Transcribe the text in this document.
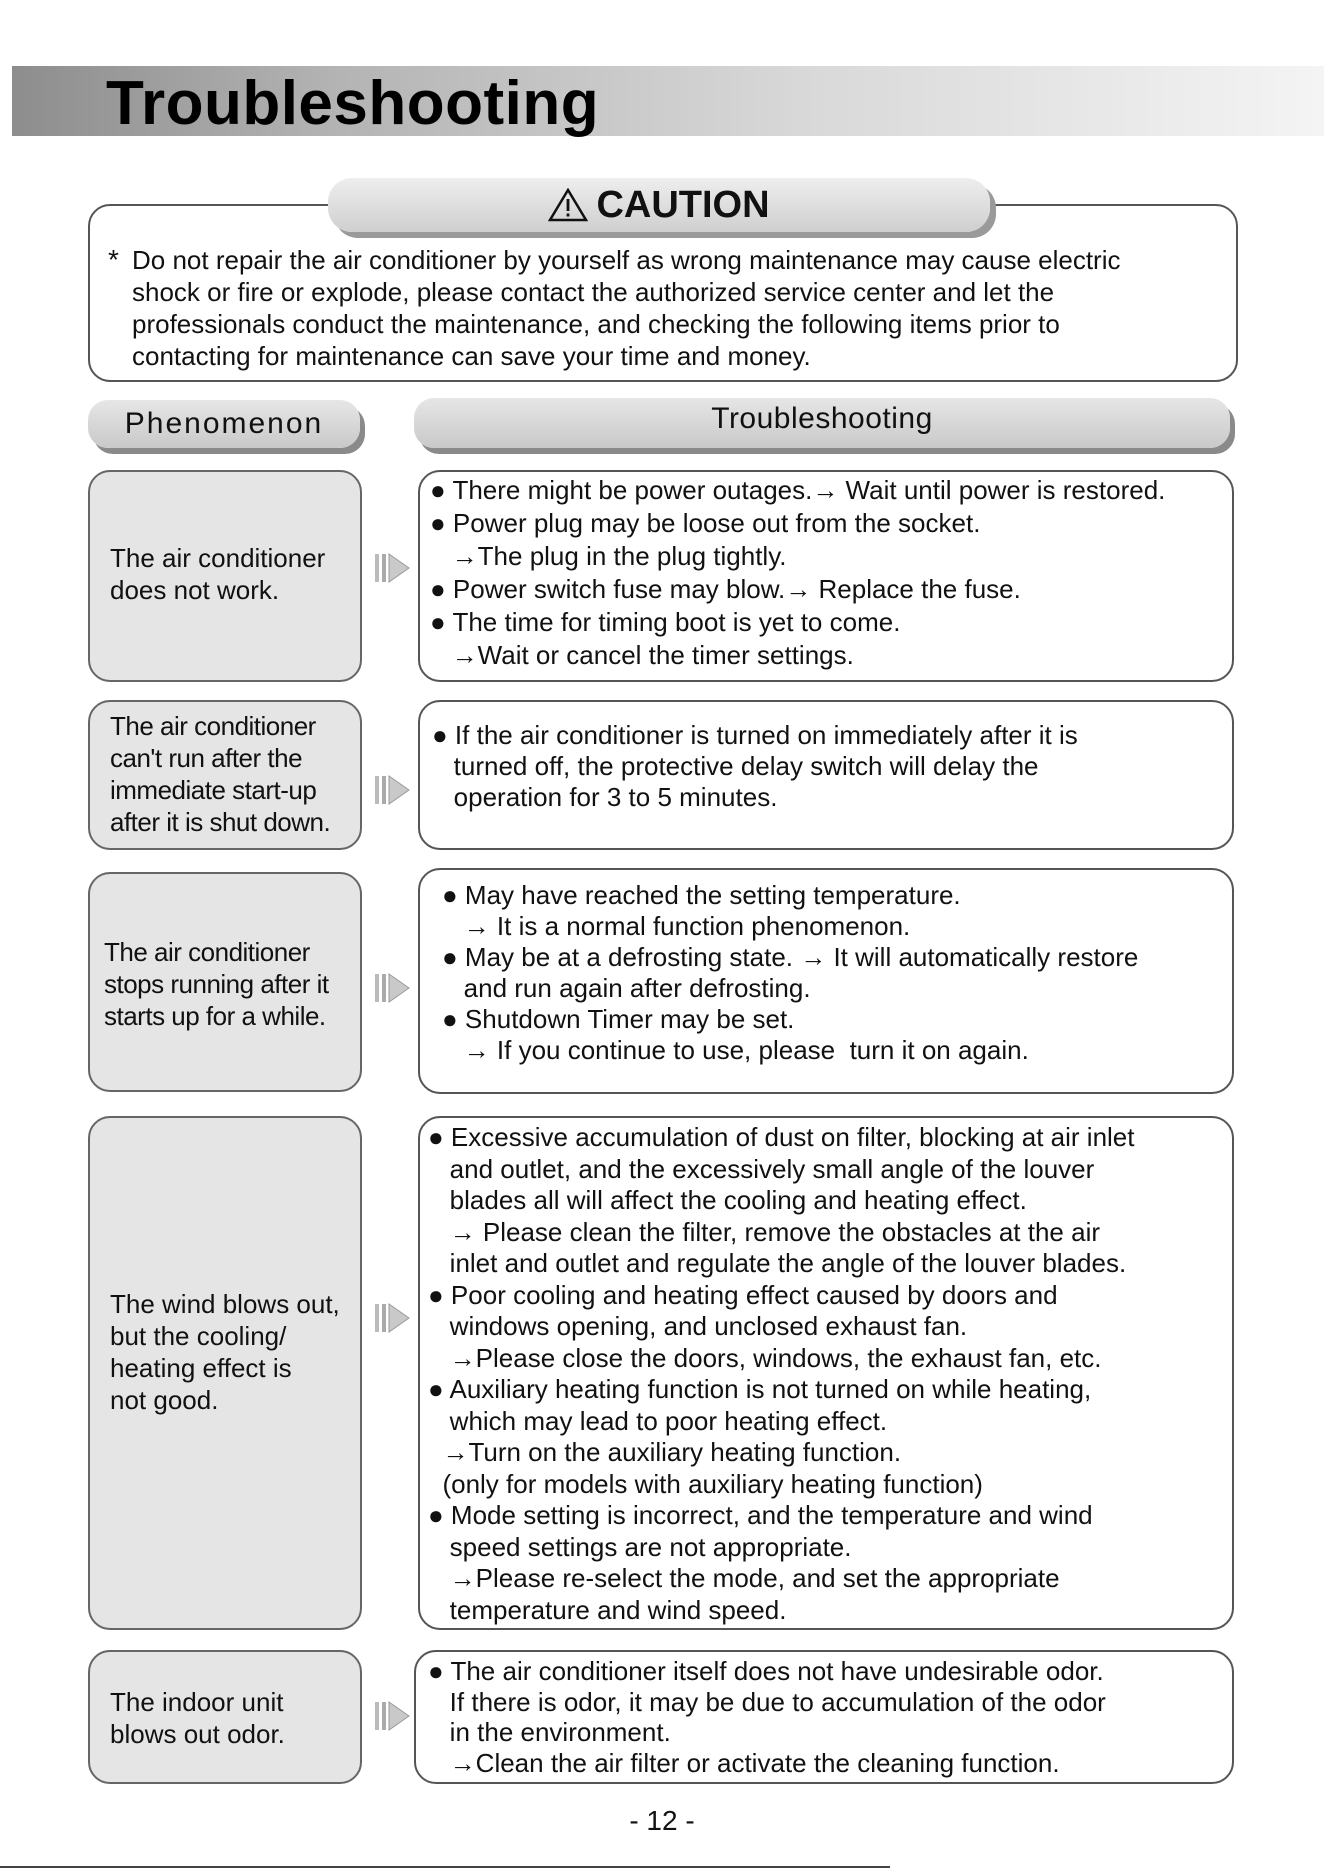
Troubleshooting
CAUTION
* Do not repair the air conditioner by yourself as wrong maintenance may cause electric
shock or fire or explode, please contact the authorized service center and let the
professionals conduct the maintenance, and checking the following items prior to
contacting for maintenance can save your time and money.
Phenomenon	Troubleshooting
The air conditioner
does not work.
● There might be power outages.→ Wait until power is restored.
● Power plug may be loose out from the socket.
→The plug in the plug tightly.
● Power switch fuse may blow.→ Replace the fuse.
● The time for timing boot is yet to come.
→Wait or cancel the timer settings.
The air conditioner
can't run after the
immediate start-up
after it is shut down.
● If the air conditioner is turned on immediately after it is
turned off, the protective delay switch will delay the
operation for 3 to 5 minutes.
The air conditioner
stops running after it
starts up for a while.
● May have reached the setting temperature.
→ It is a normal function phenomenon.
● May be at a defrosting state. → It will automatically restore
and run again after defrosting.
● Shutdown Timer may be set.
→ If you continue to use, please  turn it on again.
The wind blows out,
but the cooling/
heating effect is
not good.
● Excessive accumulation of dust on filter, blocking at air inlet
and outlet, and the excessively small angle of the louver
blades all will affect the cooling and heating effect.
→ Please clean the filter, remove the obstacles at the air
inlet and outlet and regulate the angle of the louver blades.
● Poor cooling and heating effect caused by doors and
windows opening, and unclosed exhaust fan.
→Please close the doors, windows, the exhaust fan, etc.
● Auxiliary heating function is not turned on while heating,
which may lead to poor heating effect.
→Turn on the auxiliary heating function.
(only for models with auxiliary heating function)
● Mode setting is incorrect, and the temperature and wind
speed settings are not appropriate.
→Please re-select the mode, and set the appropriate
temperature and wind speed.
The indoor unit
blows out odor.
● The air conditioner itself does not have undesirable odor.
If there is odor, it may be due to accumulation of the odor
in the environment.
→Clean the air filter or activate the cleaning function.
- 12 -
